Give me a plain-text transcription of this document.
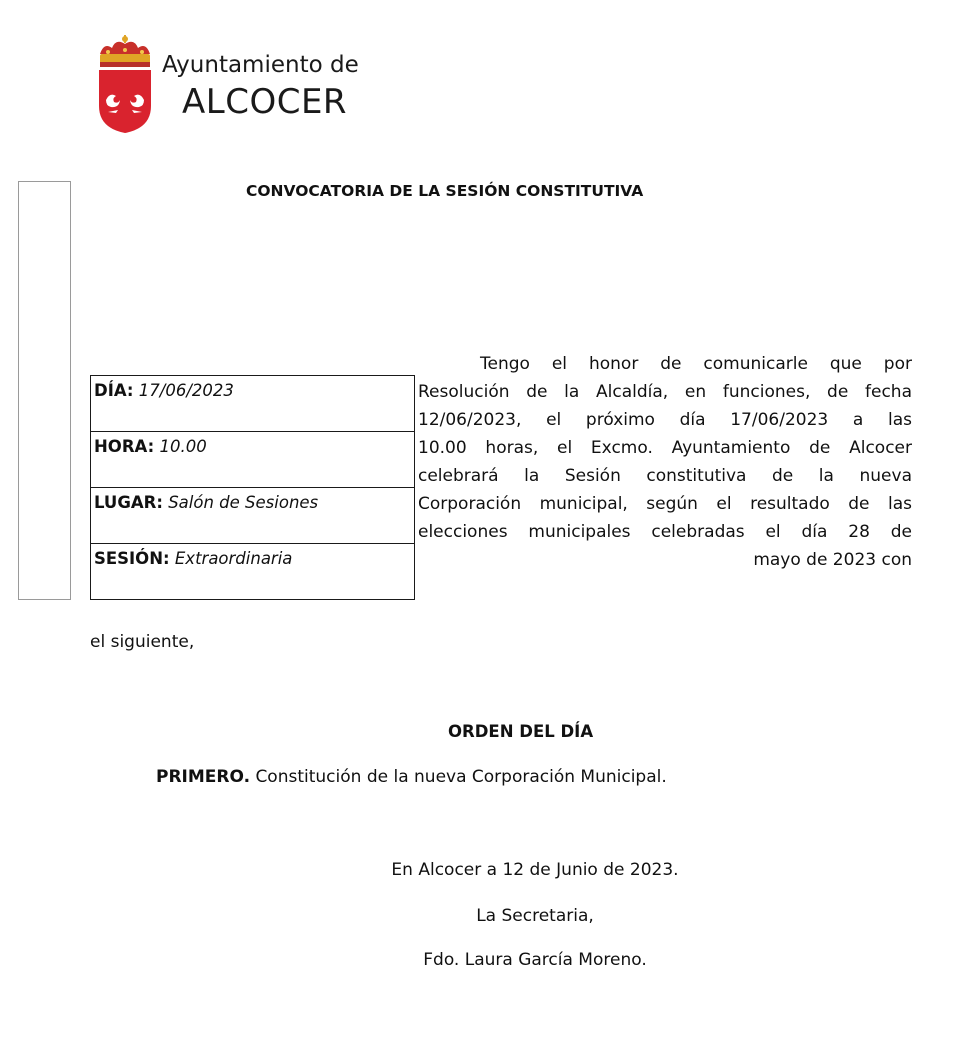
Ayuntamiento de
ALCOCER
CONVOCATORIA DE LA SESIÓN CONSTITUTIVA
DÍA: 17/06/2023
HORA: 10.00
LUGAR: Salón de Sesiones
SESIÓN: Extraordinaria
Tengo el honor de comunicarle que por
Resolución de la Alcaldía, en funciones, de fecha
12/06/2023, el próximo día 17/06/2023 a las
10.00 horas, el Excmo. Ayuntamiento de Alcocer
celebrará la Sesión constitutiva de la nueva
Corporación municipal, según el resultado de las
elecciones municipales celebradas el día 28 de
mayo de 2023 con
el siguiente,
ORDEN DEL DÍA
PRIMERO. Constitución de la nueva Corporación Municipal.
En Alcocer a 12 de Junio de 2023.
La Secretaria,
Fdo. Laura García Moreno.
